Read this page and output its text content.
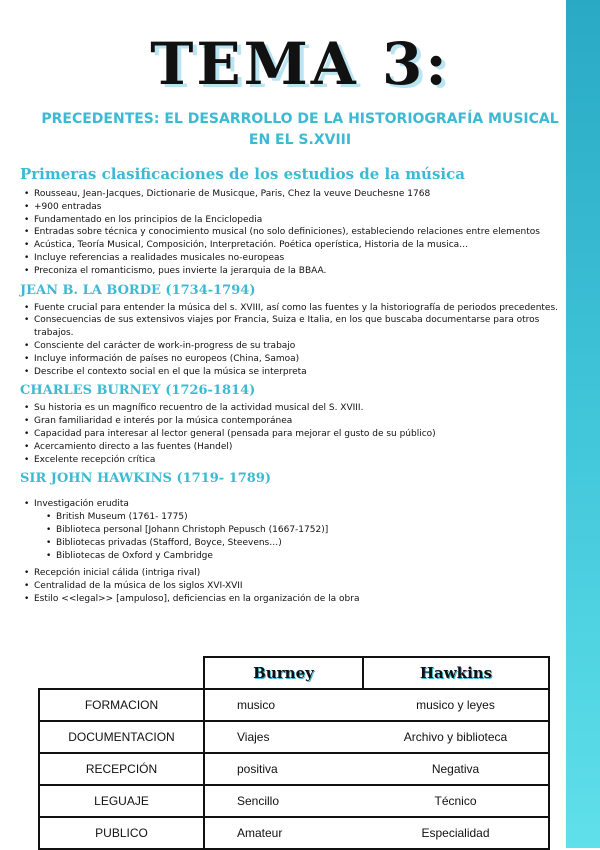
TEMA 3:
PRECEDENTES: EL DESARROLLO DE LA HISTORIOGRAFÍA MUSICAL EN EL S.XVIII
Primeras clasificaciones de los estudios de la música
• Rousseau, Jean-Jacques, Dictionarie de Musicque, Paris, Chez la veuve Deuchesne 1768
• +900 entradas
• Fundamentado en los principios de la Enciclopedia
• Entradas sobre técnica y conocimiento musical (no solo definiciones), estableciendo relaciones entre elementos
• Acústica, Teoría Musical, Composición, Interpretación. Poética operística, Historia de la musica…
• Incluye referencias a realidades musicales no-europeas
• Preconiza el romanticismo, pues invierte la jerarquia de la BBAA.
JEAN B. LA BORDE (1734-1794)
• Fuente crucial para entender la música del s. XVIII, así como las fuentes y la historiografía de periodos precedentes.
• Consecuencias de sus extensivos viajes por Francia, Suiza e Italia, en los que buscaba documentarse para otros trabajos.
• Consciente del carácter de work-in-progress de su trabajo
• Incluye información de países no europeos (China, Samoa)
• Describe el contexto social en el que la música se interpreta
CHARLES BURNEY (1726-1814)
• Su historia es un magnífico recuentro de la actividad musical del S. XVIII.
• Gran familiaridad e interés por la música contemporánea
• Capacidad para interesar al lector general (pensada para mejorar el gusto de su público)
• Acercamiento directo a las fuentes (Handel)
• Excelente recepción crítica
SIR JOHN HAWKINS (1719- 1789)
• Investigación erudita
• British Museum (1761- 1775)
• Biblioteca personal [Johann Christoph Pepusch (1667-1752)]
• Bibliotecas privadas (Stafford, Boyce, Steevens…)
• Bibliotecas de Oxford y Cambridge
• Recepción inicial cálida (intriga rival)
• Centralidad de la música de los siglos XVI-XVII
• Estilo <<legal>> [ampuloso], deficiencias en la organización de la obra
	Burney	Hawkins
FORMACION	musico	musico y leyes
DOCUMENTACION	Viajes	Archivo y biblioteca
RECEPCIÓN	positiva	Negativa
LEGUAJE	Sencillo	Técnico
PUBLICO	Amateur	Especialidad
